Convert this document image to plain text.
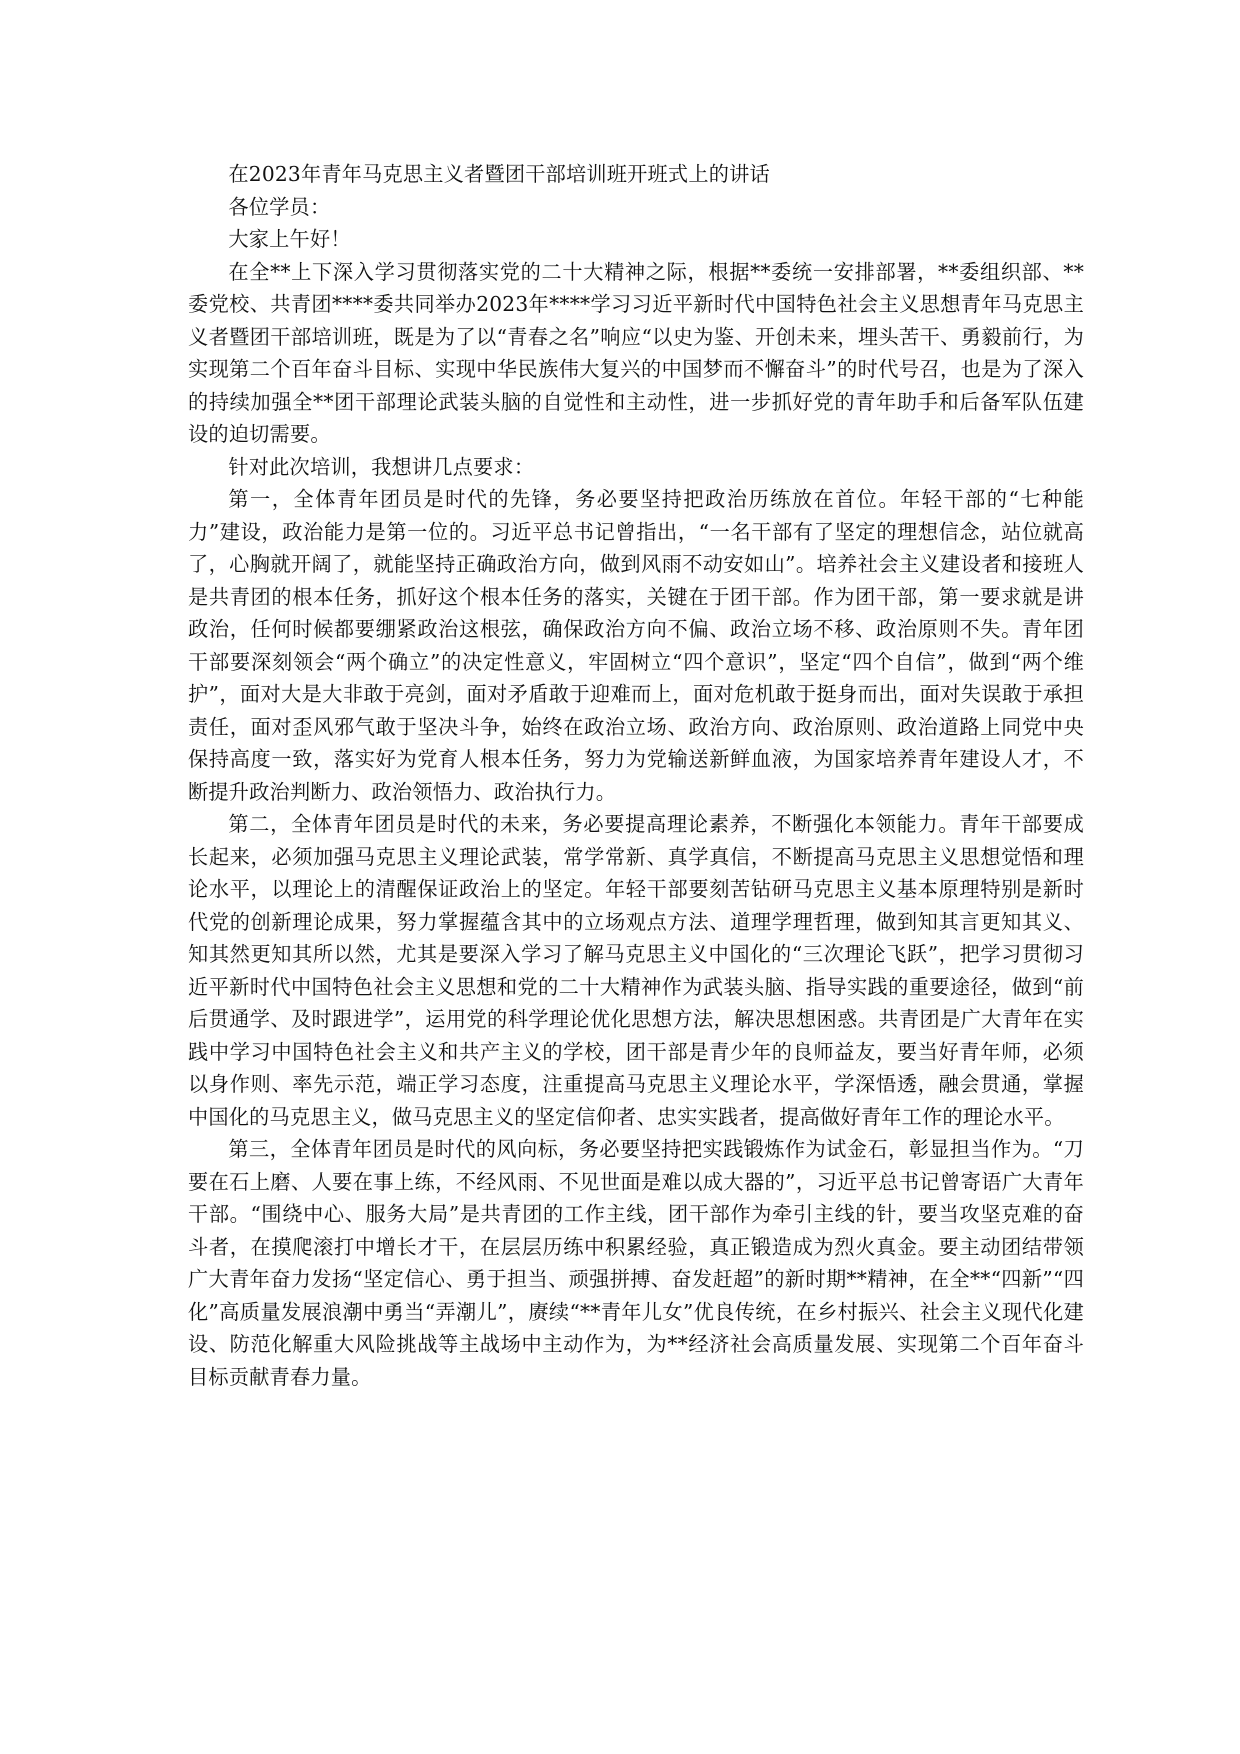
在2023年青年马克思主义者暨团干部培训班开班式上的讲话

各位学员：

大家上午好！

在全**上下深入学习贯彻落实党的二十大精神之际，根据**委统一安排部署，**委组织部、**委党校、共青团****委共同举办2023年****学习习近平新时代中国特色社会主义思想青年马克思主义者暨团干部培训班，既是为了以“青春之名”响应“以史为鉴、开创未来，埋头苦干、勇毅前行，为实现第二个百年奋斗目标、实现中华民族伟大复兴的中国梦而不懈奋斗”的时代号召，也是为了深入的持续加强全**团干部理论武装头脑的自觉性和主动性，进一步抓好党的青年助手和后备军队伍建设的迫切需要。

针对此次培训，我想讲几点要求：

第一，全体青年团员是时代的先锋，务必要坚持把政治历练放在首位。年轻干部的“七种能力”建设，政治能力是第一位的。习近平总书记曾指出，“一名干部有了坚定的理想信念，站位就高了，心胸就开阔了，就能坚持正确政治方向，做到风雨不动安如山”。培养社会主义建设者和接班人是共青团的根本任务，抓好这个根本任务的落实，关键在于团干部。作为团干部，第一要求就是讲政治，任何时候都要绷紧政治这根弦，确保政治方向不偏、政治立场不移、政治原则不失。青年团干部要深刻领会“两个确立”的决定性意义，牢固树立“四个意识”，坚定“四个自信”，做到“两个维护”，面对大是大非敢于亮剑，面对矛盾敢于迎难而上，面对危机敢于挺身而出，面对失误敢于承担责任，面对歪风邪气敢于坚决斗争，始终在政治立场、政治方向、政治原则、政治道路上同党中央保持高度一致，落实好为党育人根本任务，努力为党输送新鲜血液，为国家培养青年建设人才，不断提升政治判断力、政治领悟力、政治执行力。

第二，全体青年团员是时代的未来，务必要提高理论素养，不断强化本领能力。青年干部要成长起来，必须加强马克思主义理论武装，常学常新、真学真信，不断提高马克思主义思想觉悟和理论水平，以理论上的清醒保证政治上的坚定。年轻干部要刻苦钻研马克思主义基本原理特别是新时代党的创新理论成果，努力掌握蕴含其中的立场观点方法、道理学理哲理，做到知其言更知其义、知其然更知其所以然，尤其是要深入学习了解马克思主义中国化的“三次理论飞跃”，把学习贯彻习近平新时代中国特色社会主义思想和党的二十大精神作为武装头脑、指导实践的重要途径，做到“前后贯通学、及时跟进学”，运用党的科学理论优化思想方法，解决思想困惑。共青团是广大青年在实践中学习中国特色社会主义和共产主义的学校，团干部是青少年的良师益友，要当好青年师，必须以身作则、率先示范，端正学习态度，注重提高马克思主义理论水平，学深悟透，融会贯通，掌握中国化的马克思主义，做马克思主义的坚定信仰者、忠实实践者，提高做好青年工作的理论水平。

第三，全体青年团员是时代的风向标，务必要坚持把实践锻炼作为试金石，彰显担当作为。“刀要在石上磨、人要在事上练，不经风雨、不见世面是难以成大器的”，习近平总书记曾寄语广大青年干部。“围绕中心、服务大局”是共青团的工作主线，团干部作为牵引主线的针，要当攻坚克难的奋斗者，在摸爬滚打中增长才干，在层层历练中积累经验，真正锻造成为烈火真金。要主动团结带领广大青年奋力发扬“坚定信心、勇于担当、顽强拼搏、奋发赶超”的新时期**精神，在全**“四新”“四化”高质量发展浪潮中勇当“弄潮儿”，赓续“**青年儿女”优良传统，在乡村振兴、社会主义现代化建设、防范化解重大风险挑战等主战场中主动作为，为**经济社会高质量发展、实现第二个百年奋斗目标贡献青春力量。
